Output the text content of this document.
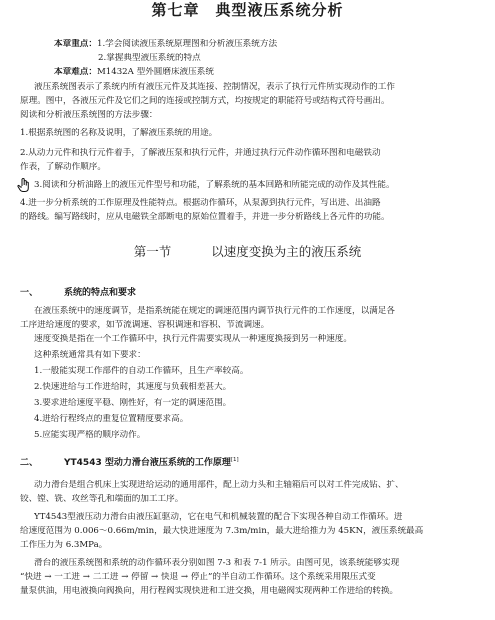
第七章　典型液压系统分析
本章重点：1.学会阅读液压系统原理图和分析液压系统方法
2.掌握典型液压系统的特点
本章难点：M1432A 型外圆磨床液压系统
液压系统图表示了系统内所有液压元件及其连接、控制情况，表示了执行元件所实现动作的工作
原理。图中，各液压元件及它们之间的连接或控制方式，均按规定的职能符号或结构式符号画出。
阅读和分析液压系统图的方法步骤：
1.根据系统图的名称及说明，了解液压系统的用途。
2.从动力元件和执行元件着手，了解液压泵和执行元件，并通过执行元件动作循环图和电磁铁动
作表，了解动作顺序。
3.阅读和分析油路上的液压元件型号和功能，了解系统的基本回路和所能完成的动作及其性能。
4.进一步分析系统的工作原理及性能特点。根据动作循环，从泵源到执行元件，写出进、出油路
的路线。编写路线时，应从电磁铁全部断电的原始位置着手，并进一步分析路线上各元件的功能。
第一节	以速度变换为主的液压系统
一、	系统的特点和要求
在液压系统中的速度调节，是指系统能在规定的调速范围内调节执行元件的工作速度，以满足各
工序进给速度的要求，如节流调速、容积调速和容积、节流调速。
速度变换是指在一个工作循环中，执行元件需要实现从一种速度换接到另一种速度。
这种系统通常具有如下要求：
1.一般能实现工作部件的自动工作循环，且生产率较高。
2.快速进给与工作进给时，其速度与负载相差甚大。
3.要求进给速度平稳、刚性好，有一定的调速范围。
4.进给行程终点的重复位置精度要求高。
5.应能实现严格的顺序动作。
二、	YT4543 型动力滑台液压系统的工作原理[1]
动力滑台是组合机床上实现进给运动的通用部件，配上动力头和主轴箱后可以对工件完成钻、扩、
铰、镗、铣、攻丝等孔和端面的加工工序。
YT4543型液压动力滑台由液压缸驱动，它在电气和机械装置的配合下实现各种自动工作循环。进
给速度范围为 0.006〜0.66m/min，最大快进速度为 7.3m/min，最大进给推力为 45KN，液压系统最高
工作压力为 6.3MPa。
滑台的液压系统图和系统的动作循环表分别如图 7-3 和表 7-1 所示。由图可见，该系统能够实现
“快进 → 一工进 → 二工进 → 停留 → 快退 → 停止”的半自动工作循环。这个系统采用限压式变
量泵供油，用电液换向阀换向，用行程阀实现快进和工进交换，用电磁阀实现两种工作进给的转换。
